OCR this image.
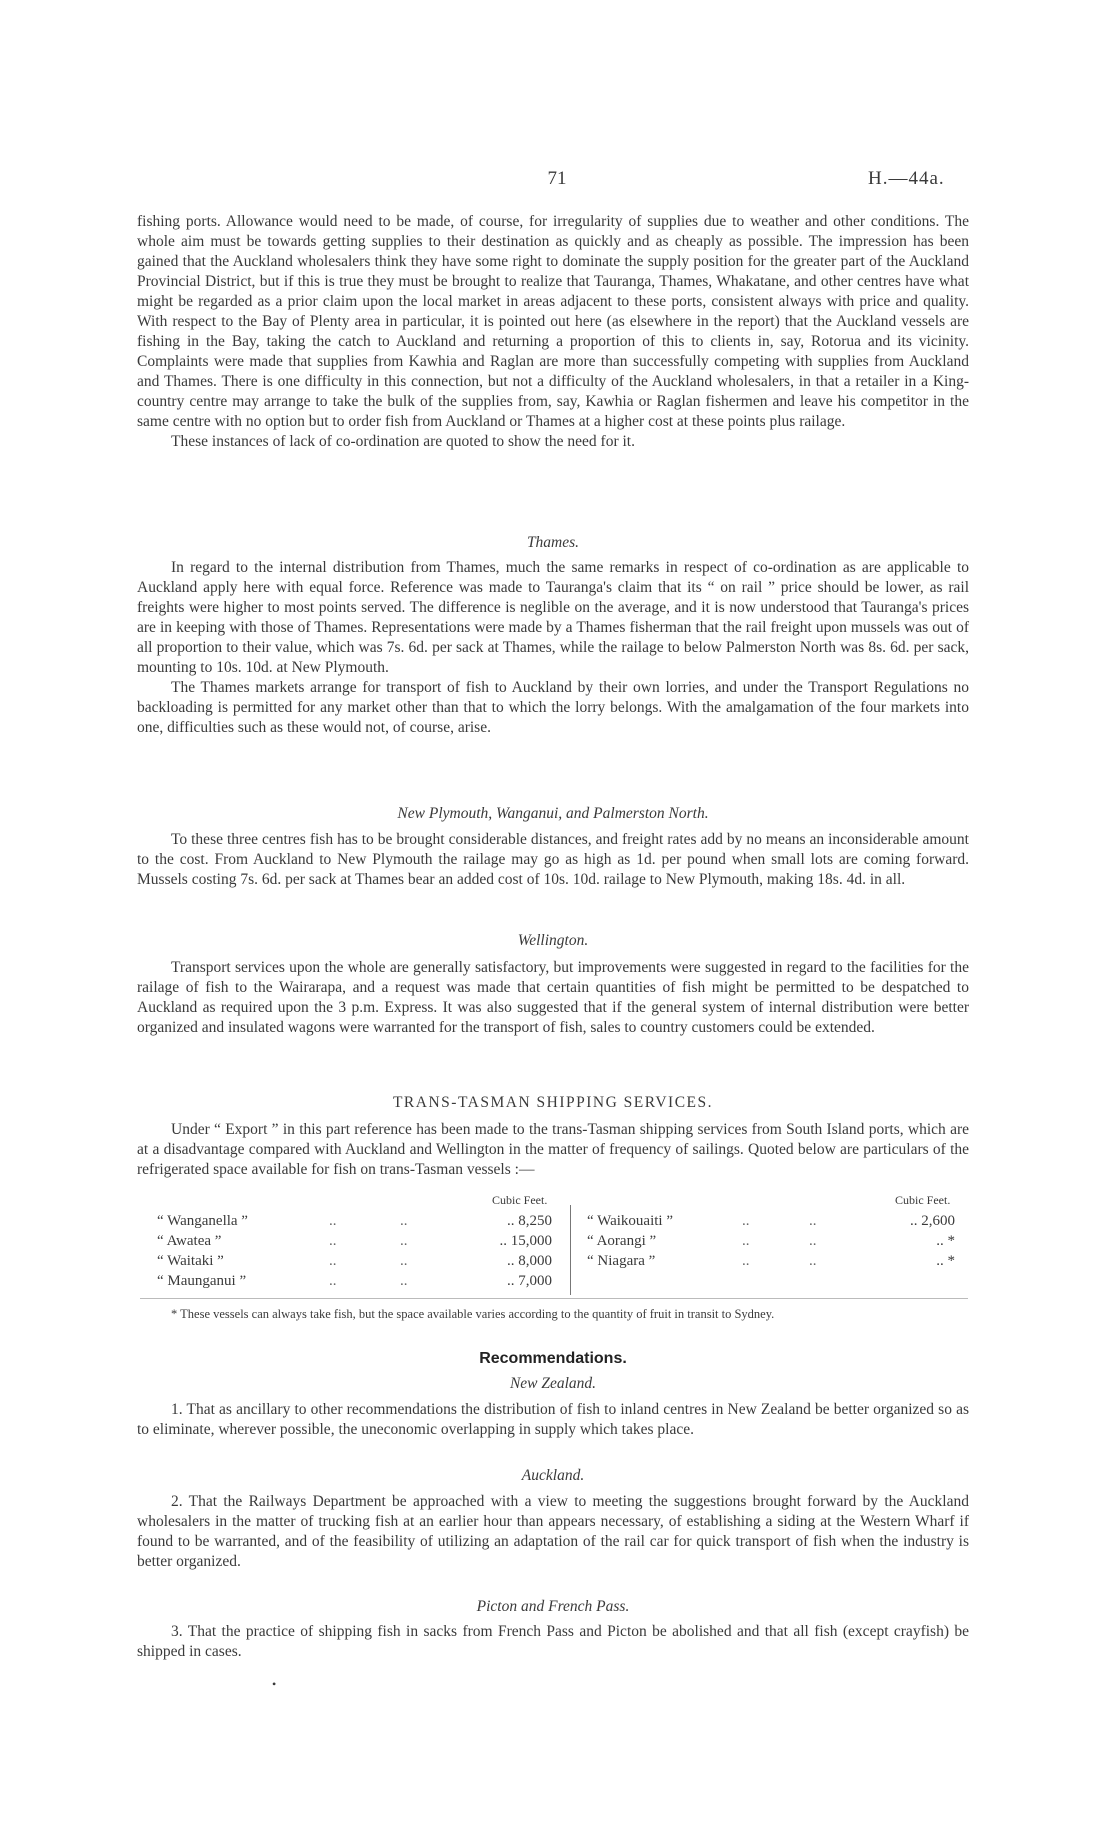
71	H.—44a.

fishing ports. Allowance would need to be made, of course, for irregularity of supplies due to weather and other conditions. The whole aim must be towards getting supplies to their destination as quickly and as cheaply as possible. The impression has been gained that the Auckland wholesalers think they have some right to dominate the supply position for the greater part of the Auckland Provincial District, but if this is true they must be brought to realize that Tauranga, Thames, Whakatane, and other centres have what might be regarded as a prior claim upon the local market in areas adjacent to these ports, consistent always with price and quality. With respect to the Bay of Plenty area in particular, it is pointed out here (as elsewhere in the report) that the Auckland vessels are fishing in the Bay, taking the catch to Auckland and returning a proportion of this to clients in, say, Rotorua and its vicinity. Complaints were made that supplies from Kawhia and Raglan are more than successfully competing with supplies from Auckland and Thames. There is one difficulty in this connection, but not a difficulty of the Auckland wholesalers, in that a retailer in a King-country centre may arrange to take the bulk of the supplies from, say, Kawhia or Raglan fishermen and leave his competitor in the same centre with no option but to order fish from Auckland or Thames at a higher cost at these points plus railage.

These instances of lack of co-ordination are quoted to show the need for it.

Thames.

In regard to the internal distribution from Thames, much the same remarks in respect of co-ordination as are applicable to Auckland apply here with equal force. Reference was made to Tauranga's claim that its “ on rail ” price should be lower, as rail freights were higher to most points served. The difference is neglible on the average, and it is now understood that Tauranga's prices are in keeping with those of Thames. Representations were made by a Thames fisherman that the rail freight upon mussels was out of all proportion to their value, which was 7s. 6d. per sack at Thames, while the railage to below Palmerston North was 8s. 6d. per sack, mounting to 10s. 10d. at New Plymouth.

The Thames markets arrange for transport of fish to Auckland by their own lorries, and under the Transport Regulations no backloading is permitted for any market other than that to which the lorry belongs. With the amalgamation of the four markets into one, difficulties such as these would not, of course, arise.

New Plymouth, Wanganui, and Palmerston North.

To these three centres fish has to be brought considerable distances, and freight rates add by no means an inconsiderable amount to the cost. From Auckland to New Plymouth the railage may go as high as 1d. per pound when small lots are coming forward. Mussels costing 7s. 6d. per sack at Thames bear an added cost of 10s. 10d. railage to New Plymouth, making 18s. 4d. in all.

Wellington.

Transport services upon the whole are generally satisfactory, but improvements were suggested in regard to the facilities for the railage of fish to the Wairarapa, and a request was made that certain quantities of fish might be permitted to be despatched to Auckland as required upon the 3 p.m. Express. It was also suggested that if the general system of internal distribution were better organized and insulated wagons were warranted for the transport of fish, sales to country customers could be extended.

TRANS-TASMAN SHIPPING SERVICES.

Under “ Export ” in this part reference has been made to the trans-Tasman shipping services from South Island ports, which are at a disadvantage compared with Auckland and Wellington in the matter of frequency of sailings. Quoted below are particulars of the refrigerated space available for fish on trans-Tasman vessels :—

Cubic Feet.
“ Wanganella ”	..	..	.. 8,250
“ Awatea ”	..	..	.. 15,000
“ Waitaki ”	..	..	.. 8,000
“ Maunganui ”	..	..	.. 7,000
Cubic Feet.
“ Waikouaiti ”	..	..	.. 2,600
“ Aorangi ”	..	..	.. *
“ Niagara ”	..	..	.. *
* These vessels can always take fish, but the space available varies according to the quantity of fruit in transit to Sydney.
Recommendations.
New Zealand.

1. That as ancillary to other recommendations the distribution of fish to inland centres in New Zealand be better organized so as to eliminate, wherever possible, the uneconomic overlapping in supply which takes place.

Auckland.

2. That the Railways Department be approached with a view to meeting the suggestions brought forward by the Auckland wholesalers in the matter of trucking fish at an earlier hour than appears necessary, of establishing a siding at the Western Wharf if found to be warranted, and of the feasibility of utilizing an adaptation of the rail car for quick transport of fish when the industry is better organized.

Picton and French Pass.

3. That the practice of shipping fish in sacks from French Pass and Picton be abolished and that all fish (except crayfish) be shipped in cases.

•
